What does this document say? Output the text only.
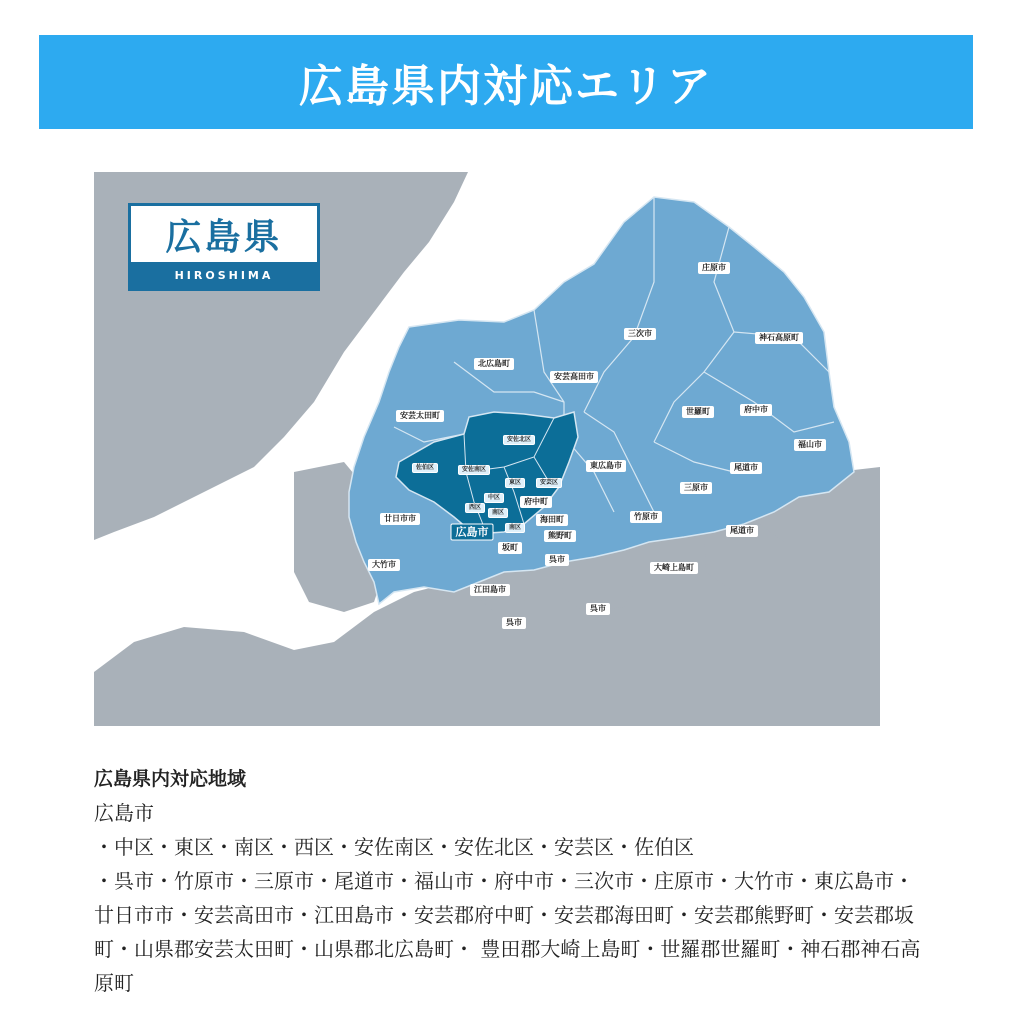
広島県内対応エリア
広島県
HIROSHIMA
庄原市
三次市	神石高原町
北広島町
安芸高田市
安芸太田町	世羅町	府中市
福山市
東広島市	尾道市
三原市
竹原市
尾道市
廿日市市
大竹市
広島市
府中町
海田町
熊野町
坂町
呉市
大崎上島町
江田島市
呉市
呉市
安佐北区
佐伯区	安佐南区
中区
東区	安芸区
西区
南区
南区

広島県内対応地域

広島市

・中区・東区・南区・西区・安佐南区・安佐北区・安芸区・佐伯区

・呉市・竹原市・三原市・尾道市・福山市・府中市・三次市・庄原市・大竹市・東広島市・廿日市市・安芸高田市・江田島市・安芸郡府中町・安芸郡海田町・安芸郡熊野町・安芸郡坂町・山県郡安芸太田町・山県郡北広島町・ 豊田郡大崎上島町・世羅郡世羅町・神石郡神石高原町
